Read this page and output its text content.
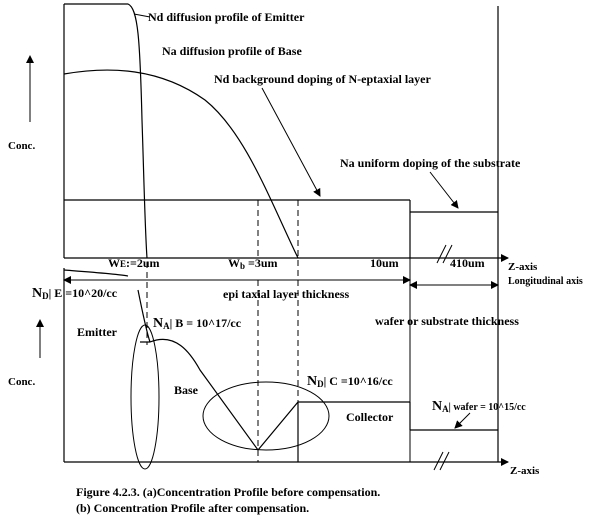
Conc.
Nd diffusion profile of Emitter
Na diffusion profile of Base
Nd background doping of N-eptaxial layer
Na uniform doping of the substrate
WE:=2um	Wb =3um	10um	410um Z-axis
Longitudinal axis
Conc.
epi taxial layer thickness
wafer or substrate thickness
Emitter
Base
Collector
ND| E =10^20/cc
NA| B = 10^17/cc
ND| C =10^16/cc
NA| wafer = 10^15/cc
Z-axis
Figure 4.2.3. (a)Concentration Profile before compensation.
(b) Concentration Profile after compensation.
